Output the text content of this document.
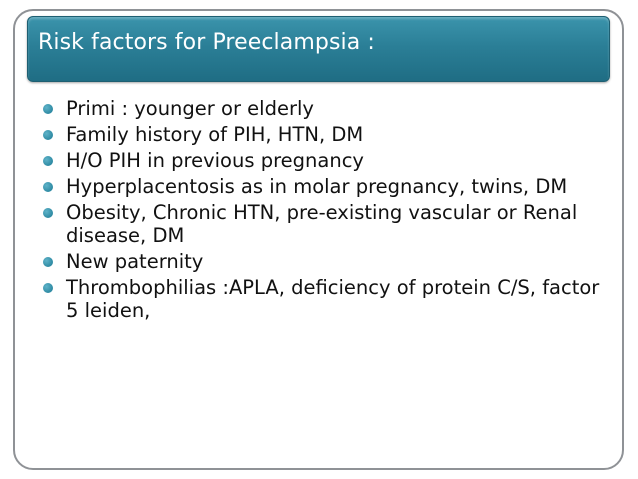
Risk factors for Preeclampsia :
Primi : younger or elderly
Family history of PIH, HTN, DM
H/O PIH in previous pregnancy
Hyperplacentosis as in molar pregnancy, twins, DM
Obesity, Chronic HTN, pre-existing vascular or Renal disease, DM
New paternity
Thrombophilias :APLA, deficiency of protein C/S, factor 5 leiden,
